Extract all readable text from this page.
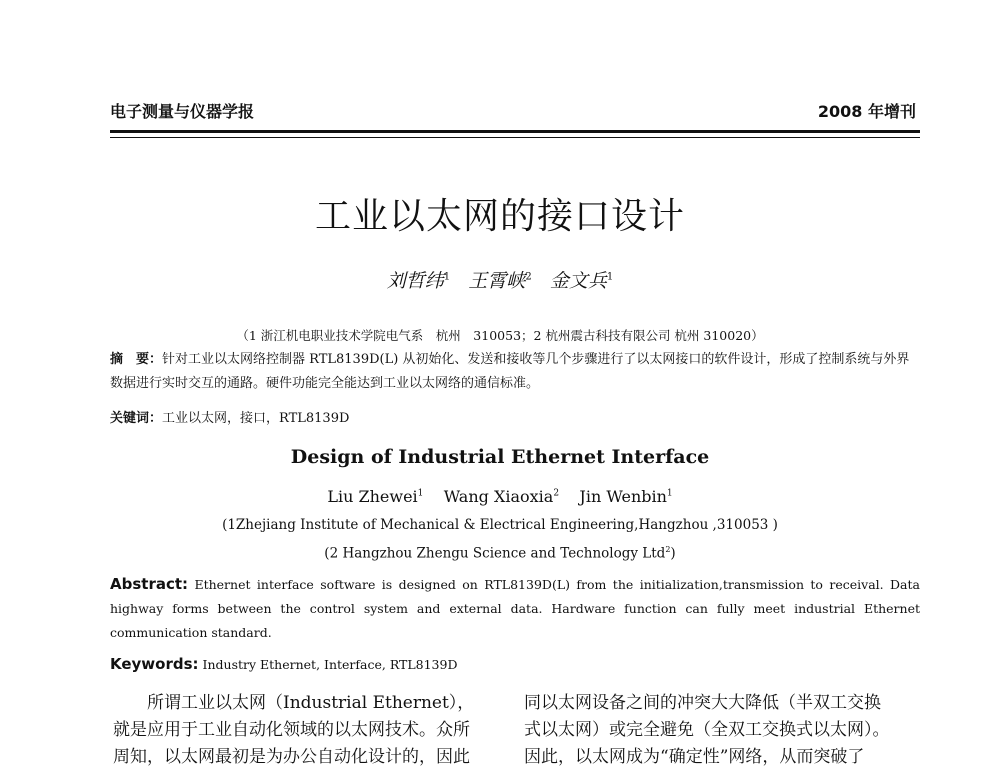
电子测量与仪器学报	2008 年增刊
工业以太网的接口设计
刘哲纬$^1$ 王霄峡$^2$ 金文兵$^1$
（1 浙江机电职业技术学院电气系　杭州　310053；2 杭州震古科技有限公司 杭州 310020）
摘　要：针对工业以太网络控制器 RTL8139D(L) 从初始化、发送和接收等几个步骤进行了以太网接口的软件设计，形成了控制系统与外界数据进行实时交互的通路。硬件功能完全能达到工业以太网络的通信标准。
关键词：工业以太网，接口，RTL8139D
Design of Industrial Ethernet Interface
Liu Zhewei$^1$ Wang Xiaoxia$^2$ Jin Wenbin$^1$
(1Zhejiang Institute of Mechanical & Electrical Engineering,Hangzhou ,310053 )
(2 Hangzhou Zhengu Science and Technology Ltd$^2$)
Abstract: Ethernet interface software is designed on RTL8139D(L) from the initialization,transmission to receival. Data highway forms between the control system and external data. Hardware function can fully meet industrial Ethernet communication standard.
Keywords: Industry Ethernet, Interface, RTL8139D
　　所谓工业以太网（Industrial Ethernet），
就是应用于工业自动化领域的以太网技术。众所
周知，以太网最初是为办公自动化设计的，因此
同以太网设备之间的冲突大大降低（半双工交换
式以太网）或完全避免（全双工交换式以太网）。
因此，以太网成为“确定性”网络，从而突破了
